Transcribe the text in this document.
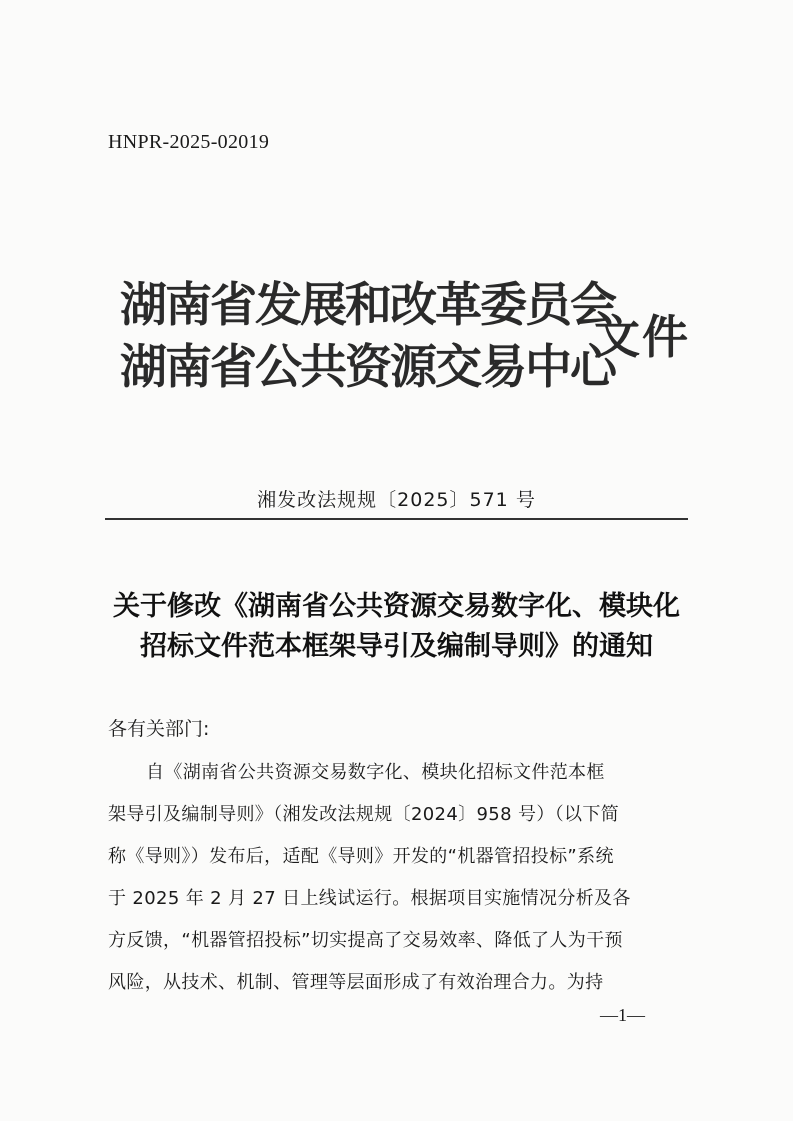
HNPR-2025-02019
湖南省发展和改革委员会
湖南省公共资源交易中心
文件
湘发改法规规〔2025〕571 号
关于修改《湖南省公共资源交易数字化、模块化
招标文件范本框架导引及编制导则》的通知
各有关部门:
自《湖南省公共资源交易数字化、模块化招标文件范本框
架导引及编制导则》（湘发改法规规〔2024〕958 号）（以下简
称《导则》）发布后，适配《导则》开发的“机器管招投标”系统
于 2025 年 2 月 27 日上线试运行。根据项目实施情况分析及各
方反馈，“机器管招投标”切实提高了交易效率、降低了人为干预
风险，从技术、机制、管理等层面形成了有效治理合力。为持
—1—
